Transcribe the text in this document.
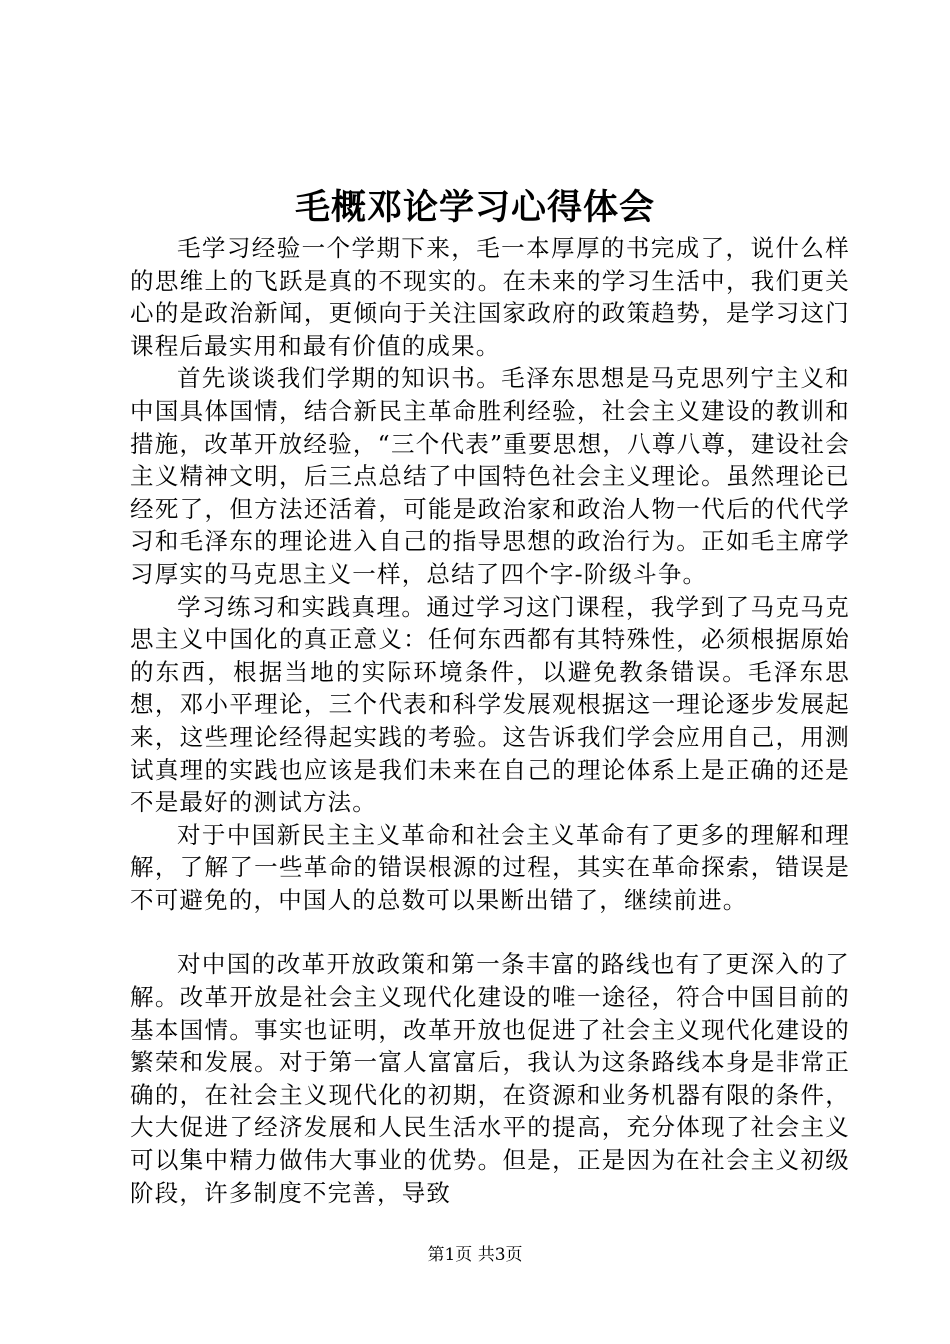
毛概邓论学习心得体会

毛学习经验一个学期下来，毛一本厚厚的书完成了，说什么样的思维上的飞跃是真的不现实的。在未来的学习生活中，我们更关心的是政治新闻，更倾向于关注国家政府的政策趋势，是学习这门课程后最实用和最有价值的成果。

首先谈谈我们学期的知识书。毛泽东思想是马克思列宁主义和中国具体国情，结合新民主革命胜利经验，社会主义建设的教训和措施，改革开放经验，“三个代表”重要思想，八尊八尊，建设社会主义精神文明，后三点总结了中国特色社会主义理论。虽然理论已经死了，但方法还活着，可能是政治家和政治人物一代后的代代学习和毛泽东的理论进入自己的指导思想的政治行为。正如毛主席学习厚实的马克思主义一样，总结了四个字-阶级斗争。

学习练习和实践真理。通过学习这门课程，我学到了马克马克思主义中国化的真正意义：任何东西都有其特殊性，必须根据原始的东西，根据当地的实际环境条件，以避免教条错误。毛泽东思想，邓小平理论，三个代表和科学发展观根据这一理论逐步发展起来，这些理论经得起实践的考验。这告诉我们学会应用自己，用测试真理的实践也应该是我们未来在自己的理论体系上是正确的还是不是最好的测试方法。

对于中国新民主主义革命和社会主义革命有了更多的理解和理解，了解了一些革命的错误根源的过程，其实在革命探索，错误是不可避免的，中国人的总数可以果断出错了，继续前进。

对中国的改革开放政策和第一条丰富的路线也有了更深入的了解。改革开放是社会主义现代化建设的唯一途径，符合中国目前的基本国情。事实也证明，改革开放也促进了社会主义现代化建设的繁荣和发展。对于第一富人富富后，我认为这条路线本身是非常正确的，在社会主义现代化的初期，在资源和业务机器有限的条件，大大促进了经济发展和人民生活水平的提高，充分体现了社会主义可以集中精力做伟大事业的优势。但是，正是因为在社会主义初级阶段，许多制度不完善，导致

第1页 共3页
